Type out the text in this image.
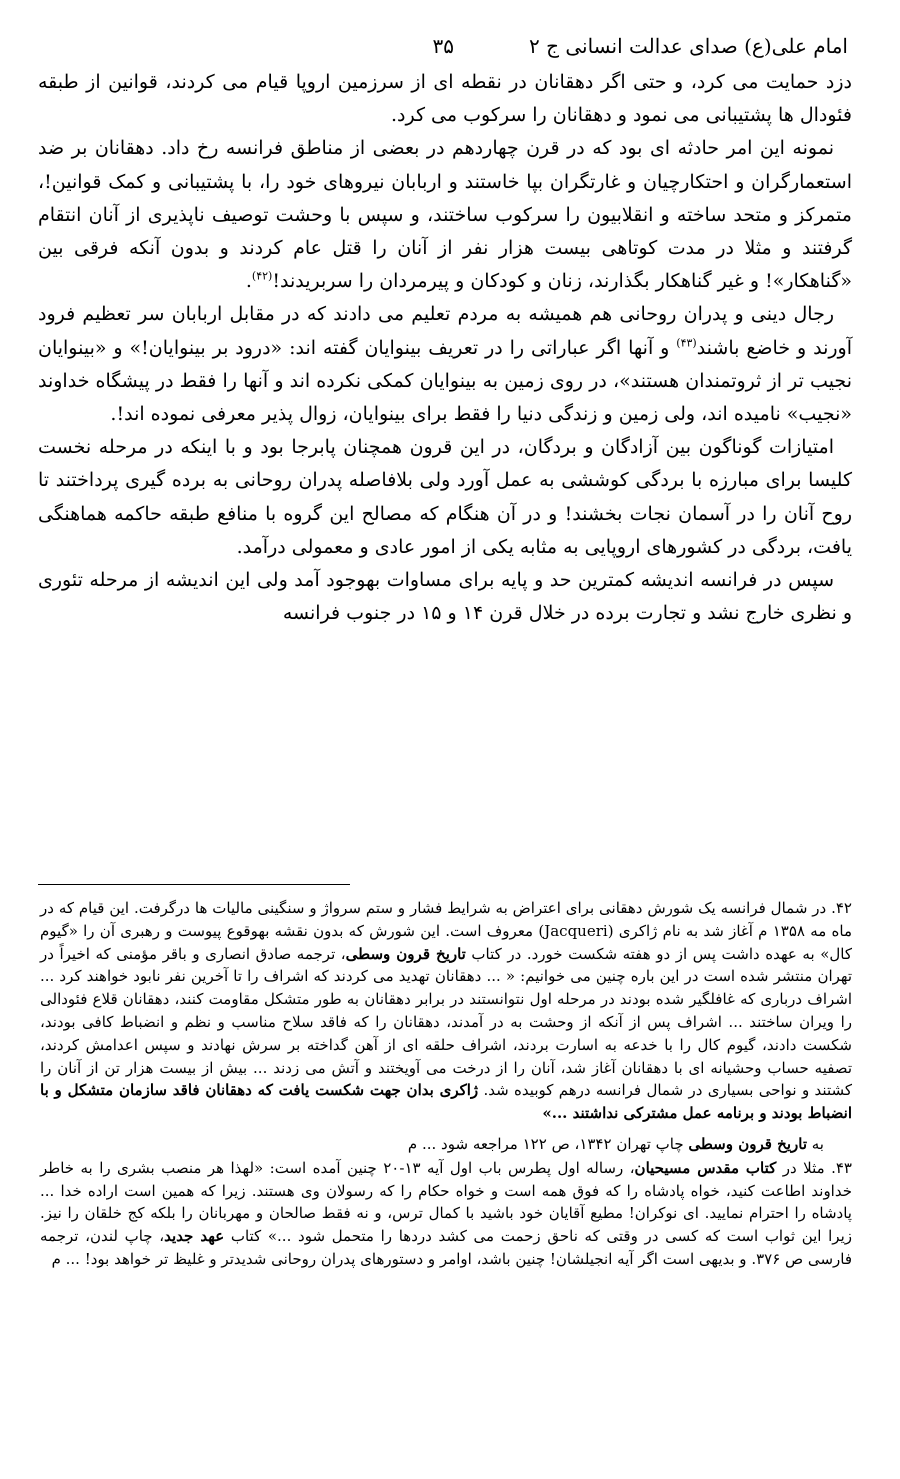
امام علی(ع) صدای عدالت انسانی ج ۲
۳۵

دزد حمایت می کرد، و حتی اگر دهقانان در نقطه ای از سرزمین اروپا قیام می کردند، قوانین از طبقه فئودال ها پشتیبانی می نمود و دهقانان را سرکوب می کرد.

نمونه این امر حادثه ای بود که در قرن چهاردهم در بعضی از مناطق فرانسه رخ داد. دهقانان بر ضد استعمارگران و احتکارچیان و غارتگران بپا خاستند و اربابان نیروهای خود را، با پشتیبانی و کمک قوانین!، متمرکز و متحد ساخته و انقلابیون را سرکوب ساختند، و سپس با وحشت توصیف ناپذیری از آنان انتقام گرفتند و مثلا در مدت کوتاهی بیست هزار نفر از آنان را قتل عام کردند و بدون آنکه فرقی بین «گناهکار»! و غیر گناهکار بگذارند، زنان و کودکان و پیرمردان را سربریدند!$^{(۴۲)}$.

رجال دینی و پدران روحانی هم همیشه به مردم تعلیم می دادند که در مقابل اربابان سر تعظیم فرود آورند و خاضع باشند$^{(۴۳)}$ و آنها اگر عباراتی را در تعریف بینوایان گفته اند: «درود بر بینوایان!» و «بینوایان نجیب تر از ثروتمندان هستند»، در روی زمین به بینوایان کمکی نکرده اند و آنها را فقط در پیشگاه خداوند «نجیب» نامیده اند، ولی زمین و زندگی دنیا را فقط برای بینوایان، زوال پذیر معرفی نموده اند!.

امتیازات گوناگون بین آزادگان و بردگان، در این قرون همچنان پابرجا بود و با اینکه در مرحله نخست کلیسا برای مبارزه با بردگی کوششی به عمل آورد ولی بلافاصله پدران روحانی به برده گیری پرداختند تا روح آنان را در آسمان نجات بخشند! و در آن هنگام که مصالح این گروه با منافع طبقه حاکمه هماهنگی یافت، بردگی در کشورهای اروپایی به مثابه یکی از امور عادی و معمولی درآمد.

سپس در فرانسه اندیشه کمترین حد و پایه برای مساوات بهوجود آمد ولی این اندیشه از مرحله تئوری و نظری خارج نشد و تجارت برده در خلال قرن ۱۴ و ۱۵ در جنوب فرانسه

۴۲. در شمال فرانسه یک شورش دهقانی برای اعتراض به شرایط فشار و ستم سرواژ و سنگینی مالیات ها درگرفت. این قیام که در ماه مه ۱۳۵۸ م آغاز شد به نام ژاکری (Jacqueri) معروف است. این شورش که بدون نقشه بهوقوع پیوست و رهبری آن را «گیوم کال» به عهده داشت پس از دو هفته شکست خورد. در کتاب تاریخ قرون وسطی، ترجمه صادق انصاری و باقر مؤمنی که اخیراً در تهران منتشر شده است در این باره چنین می خوانیم: « ... دهقانان تهدید می کردند که اشراف را تا آخرین نفر نابود خواهند کرد ... اشراف درباری که غافلگیر شده بودند در مرحله اول نتوانستند در برابر دهقانان به طور متشکل مقاومت کنند، دهقانان قلاع فئودالی را ویران ساختند ... اشراف پس از آنکه از وحشت به در آمدند، دهقانان را که فاقد سلاح مناسب و نظم و انضباط کافی بودند، شکست دادند، گیوم کال را با خدعه به اسارت بردند، اشراف حلقه ای از آهن گداخته بر سرش نهادند و سپس اعدامش کردند، تصفیه حساب وحشیانه ای با دهقانان آغاز شد، آنان را از درخت می آویختند و آتش می زدند ... بیش از بیست هزار تن از آنان را کشتند و نواحی بسیاری در شمال فرانسه درهم کوبیده شد. ژاکری بدان جهت شکست یافت که دهقانان فاقد سازمان متشکل و با انضباط بودند و برنامه عمل مشترکی نداشتند ...»

به تاریخ قرون وسطی چاپ تهران ۱۳۴۲، ص ۱۲۲ مراجعه شود ... م

۴۳. مثلا در کتاب مقدس مسیحیان، رساله اول پطرس باب اول آیه ۱۳-۲۰ چنین آمده است: «لهذا هر منصب بشری را به خاطر خداوند اطاعت کنید، خواه پادشاه را که فوق همه است و خواه حکام را که رسولان وی هستند. زیرا که همین است اراده خدا ... پادشاه را احترام نمایید. ای نوکران! مطیع آقایان خود باشید با کمال ترس، و نه فقط صالحان و مهربانان را بلکه کج خلقان را نیز. زیرا این ثواب است که کسی در وقتی که ناحق زحمت می کشد دردها را متحمل شود ...» کتاب عهد جدید، چاپ لندن، ترجمه فارسی ص ۳۷۶. و بدیهی است اگر آیه انجیلشان! چنین باشد، اوامر و دستورهای پدران روحانی شدیدتر و غلیظ تر خواهد بود! ... م
